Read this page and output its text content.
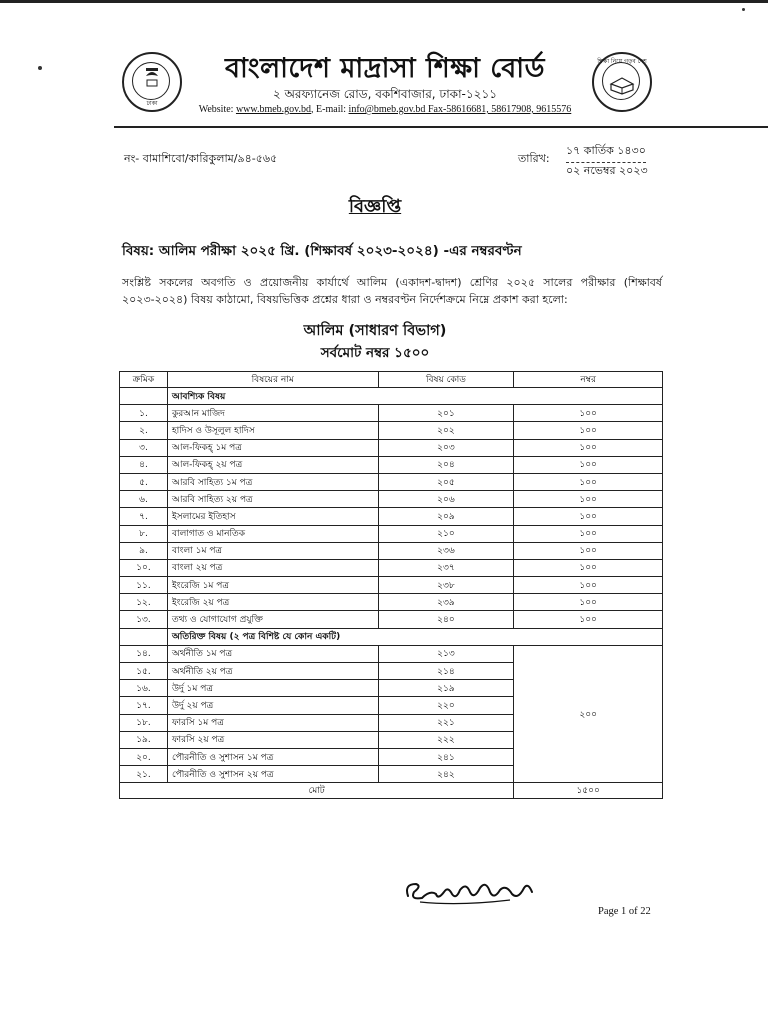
ঢাকা
শিক্ষা নিয়ে গড়ব দেশ
বাংলাদেশ মাদ্রাসা শিক্ষা বোর্ড
২ অরফ্যানেজ রোড, বকশিবাজার, ঢাকা-১২১১
Website: www.bmeb.gov.bd, E-mail: info@bmeb.gov.bd Fax-58616681, 58617908, 9615576
নং- বামাশিবো/কারিকুলাম/৯৪-৫৬৫	তারিখ:
১৭ কার্তিক ১৪৩০
০২ নভেম্বর ২০২৩
বিজ্ঞপ্তি
বিষয়: আলিম পরীক্ষা ২০২৫ খ্রি. (শিক্ষাবর্ষ ২০২৩-২০২৪) -এর নম্বরবণ্টন
সংশ্লিষ্ট সকলের অবগতি ও প্রয়োজনীয় কার্যার্থে আলিম (একাদশ-দ্বাদশ) শ্রেণির ২০২৫ সালের পরীক্ষার (শিক্ষাবর্ষ ২০২৩-২০২৪) বিষয় কাঠামো, বিষয়ভিত্তিক প্রশ্নের ধারা ও নম্বরবণ্টন নির্দেশক্রমে নিম্নে প্রকাশ করা হলো:
আলিম (সাধারণ বিভাগ)
সর্বমোট নম্বর ১৫০০
ক্রমিক	বিষয়ের নাম	বিষয় কোড	নম্বর
	আবশ্যিক বিষয়		
১.	কুরআন মাজিদ	২০১	১০০
২.	হাদিস ও উসূলুল হাদিস	২০২	১০০
৩.	আল-ফিকহ্ ১ম পত্র	২০৩	১০০
৪.	আল-ফিকহ্ ২য় পত্র	২০৪	১০০
৫.	আরবি সাহিত্য ১ম পত্র	২০৫	১০০
৬.	আরবি সাহিত্য ২য় পত্র	২০৬	১০০
৭.	ইসলামের ইতিহাস	২০৯	১০০
৮.	বালাগাত ও মানতিক	২১০	১০০
৯.	বাংলা ১ম পত্র	২৩৬	১০০
১০.	বাংলা ২য় পত্র	২৩৭	১০০
১১.	ইংরেজি ১ম পত্র	২৩৮	১০০
১২.	ইংরেজি ২য় পত্র	২৩৯	১০০
১৩.	তথ্য ও যোগাযোগ প্রযুক্তি	২৪০	১০০
	অতিরিক্ত বিষয় (২ পত্র বিশিষ্ট যে কোন একটি)		
১৪.	অর্থনীতি ১ম পত্র	২১৩	২০০
১৫.	অর্থনীতি ২য় পত্র	২১৪	
১৬.	উর্দু ১ম পত্র	২১৯	
১৭.	উর্দু ২য় পত্র	২২০	
১৮.	ফারসি ১ম পত্র	২২১	
১৯.	ফারসি ২য় পত্র	২২২	
২০.	পৌরনীতি ও সুশাসন ১ম পত্র	২৪১	
২১.	পৌরনীতি ও সুশাসন ২য় পত্র	২৪২	
মোট			১৫০০
Page 1 of 22
